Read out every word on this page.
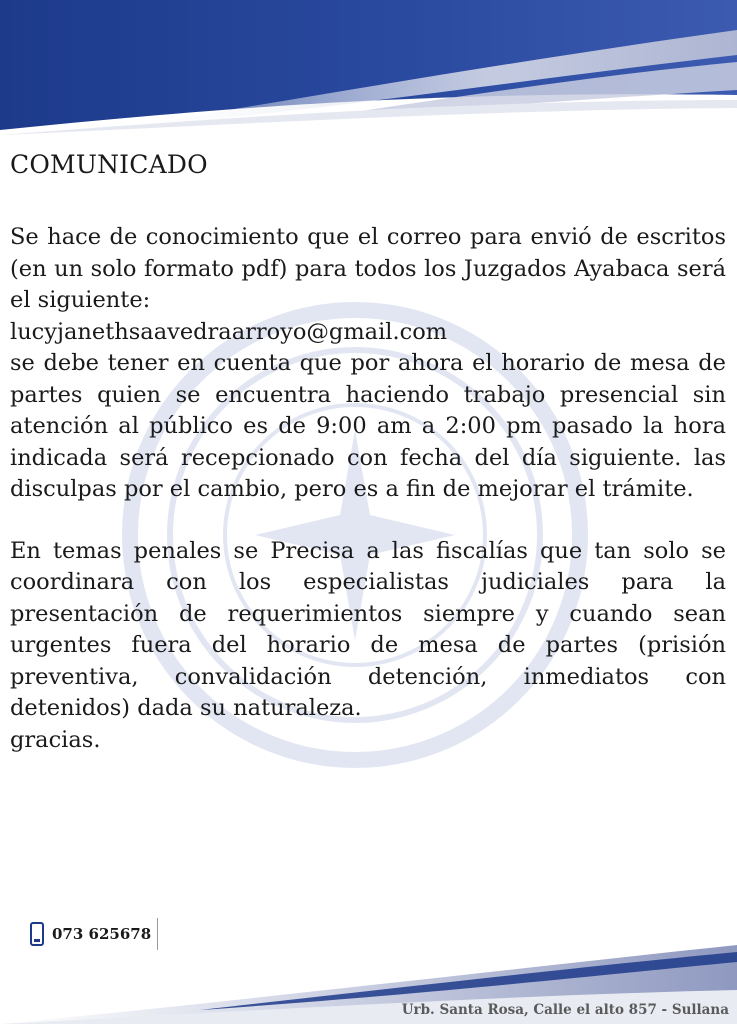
COMUNICADO

Se hace de conocimiento que el correo para envió de escritos (en un solo formato pdf) para todos los Juzgados Ayabaca será el siguiente:

lucyjanethsaavedraarroyo@gmail.com

se debe tener en cuenta que por ahora el horario de mesa de partes quien se encuentra haciendo trabajo presencial sin atención al público es de 9:00 am a 2:00 pm pasado la hora indicada será recepcionado con fecha del día siguiente. las disculpas por el cambio, pero es a fin de mejorar el trámite.

En temas penales se Precisa a las fiscalías que tan solo se coordinara con los especialistas judiciales para la presentación de requerimientos siempre y cuando sean urgentes fuera del horario de mesa de partes (prisión preventiva, convalidación detención, inmediatos con detenidos) dada su naturaleza.

gracias.

073 625678
Urb. Santa Rosa, Calle el alto 857 - Sullana
